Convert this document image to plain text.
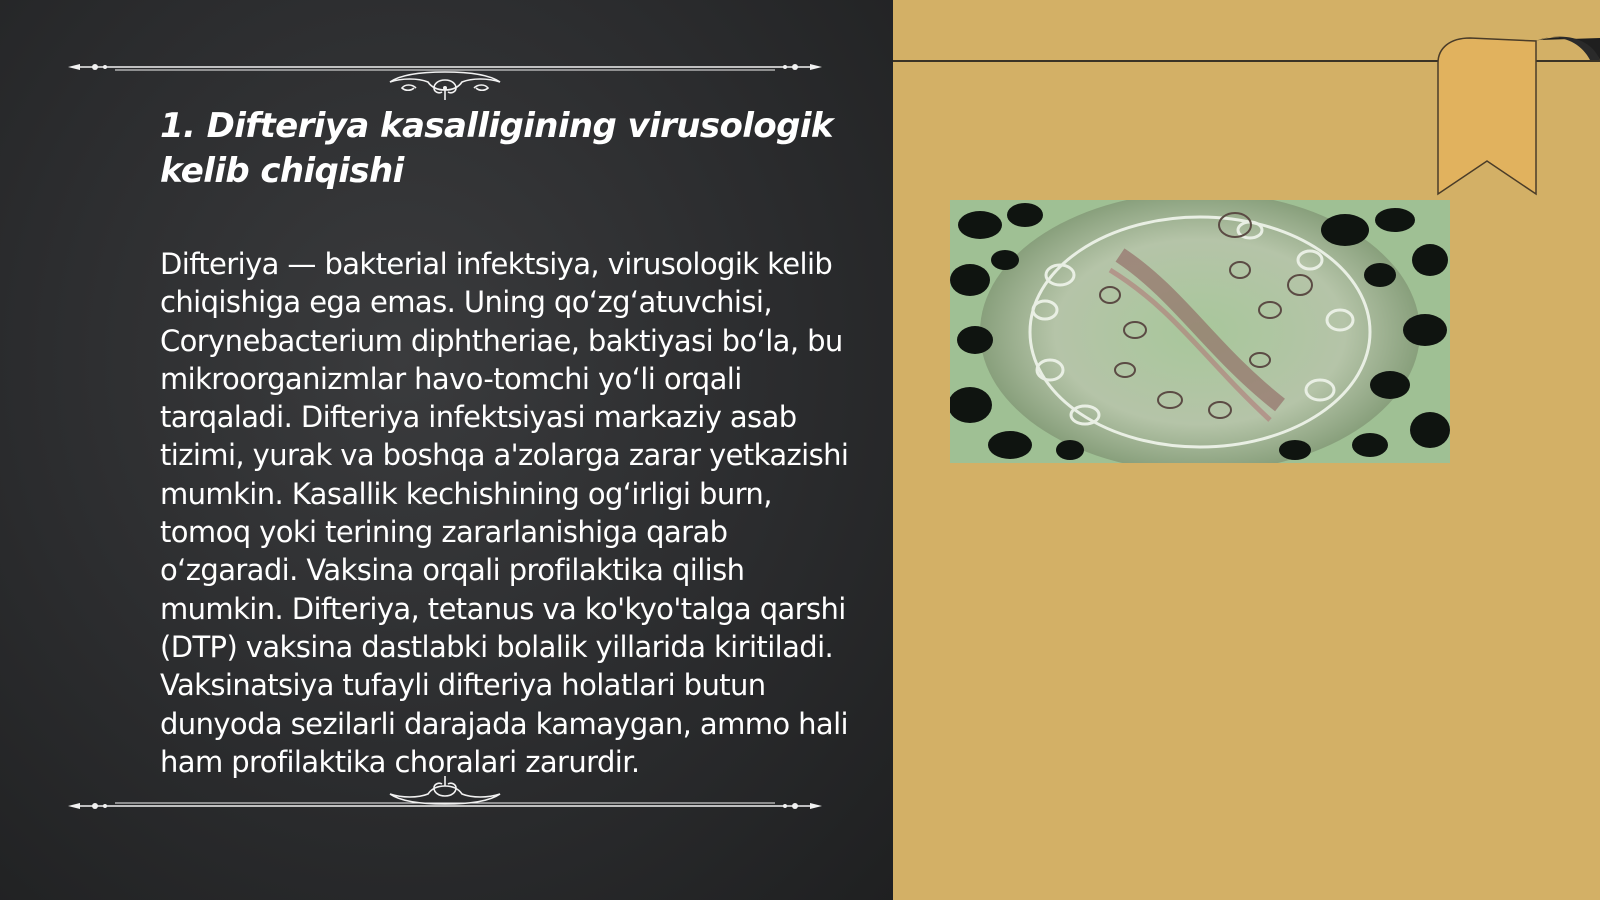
1. Difteriya kasalligining virusologik kelib chiqishi

Difteriya — bakterial infektsiya, virusologik kelib chiqishiga ega emas. Uning qo‘zg‘atuvchisi, Corynebacterium diphtheriae, baktiyasi bo‘la, bu mikroorganizmlar havo-tomchi yo‘li orqali tarqaladi. Difteriya infektsiyasi markaziy asab tizimi, yurak va boshqa a'zolarga zarar yetkazishi mumkin. Kasallik kechishining og‘irligi burn, tomoq yoki terining zararlanishiga qarab o‘zgaradi. Vaksina orqali profilaktika qilish mumkin. Difteriya, tetanus va ko'kyo'talga qarshi (DTP) vaksina dastlabki bolalik yillarida kiritiladi. Vaksinatsiya tufayli difteriya holatlari butun dunyoda sezilarli darajada kamaygan, ammo hali ham profilaktika choralari zarurdir.
